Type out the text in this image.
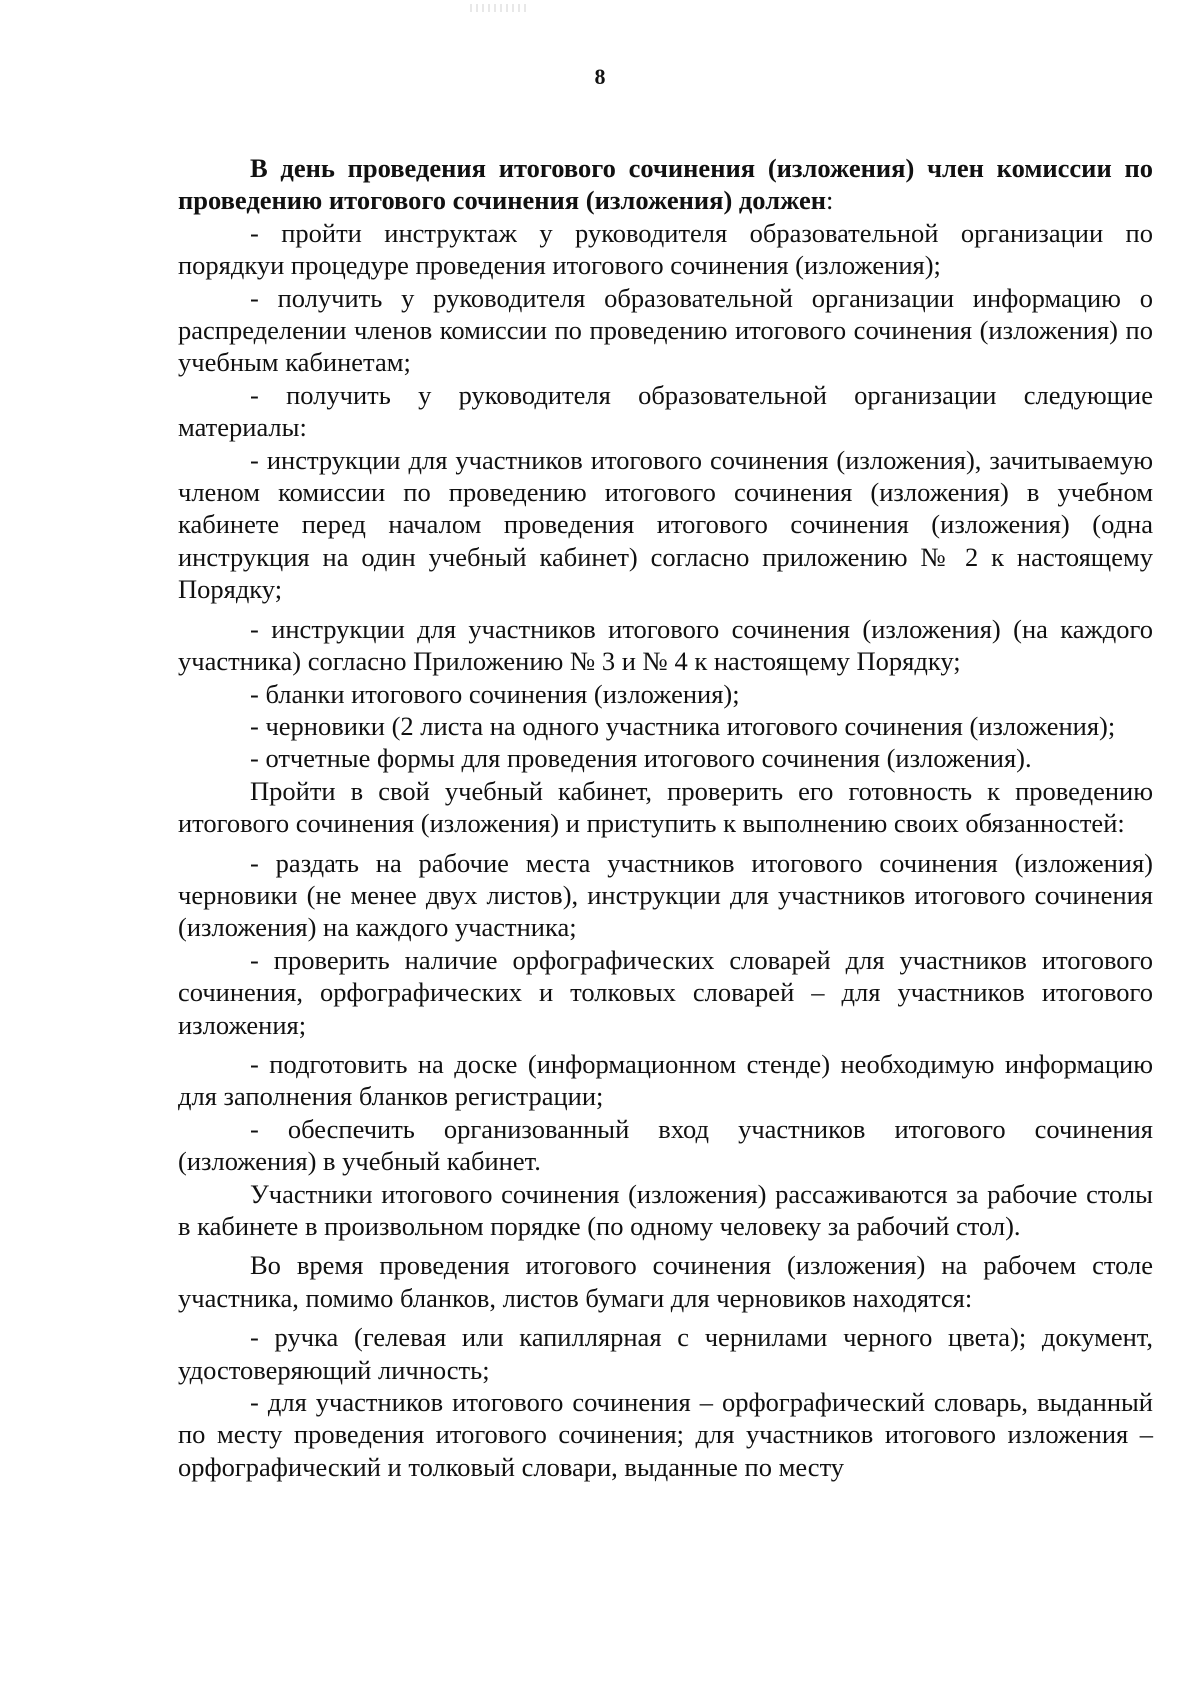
8

В день проведения итогового сочинения (изложения) член комиссии по проведению итогового сочинения (изложения) должен:

- пройти инструктаж у руководителя образовательной организации по порядкуи процедуре проведения итогового сочинения (изложения);

- получить у руководителя образовательной организации информацию о распределении членов комиссии по проведению итогового сочинения (изложения) по учебным кабинетам;

- получить у руководителя образовательной организации следующие материалы:

- инструкции для участников итогового сочинения (изложения), зачитываемую членом комиссии по проведению итогового сочинения (изложения) в учебном кабинете перед началом проведения итогового сочинения (изложения) (одна инструкция на один учебный кабинет) согласно приложению № 2 к настоящему Порядку;

- инструкции для участников итогового сочинения (изложения) (на каждого участника) согласно Приложению № 3 и № 4 к настоящему Порядку;

- бланки итогового сочинения (изложения);

- черновики (2 листа на одного участника итогового сочинения (изложения);

- отчетные формы для проведения итогового сочинения (изложения).

Пройти в свой учебный кабинет, проверить его готовность к проведению итогового сочинения (изложения) и приступить к выполнению своих обязанностей:

- раздать на рабочие места участников итогового сочинения (изложения) черновики (не менее двух листов), инструкции для участников итогового сочинения (изложения) на каждого участника;

- проверить наличие орфографических словарей для участников итогового сочинения, орфографических и толковых словарей – для участников итогового изложения;

- подготовить на доске (информационном стенде) необходимую информацию для заполнения бланков регистрации;

- обеспечить организованный вход участников итогового сочинения (изложения) в учебный кабинет.

Участники итогового сочинения (изложения) рассаживаются за рабочие столы в кабинете в произвольном порядке (по одному человеку за рабочий стол).

Во время проведения итогового сочинения (изложения) на рабочем столе участника, помимо бланков, листов бумаги для черновиков находятся:

- ручка (гелевая или капиллярная с чернилами черного цвета); документ, удостоверяющий личность;

- для участников итогового сочинения – орфографический словарь, выданный по месту проведения итогового сочинения; для участников итогового изложения – орфографический и толковый словари, выданные по месту
